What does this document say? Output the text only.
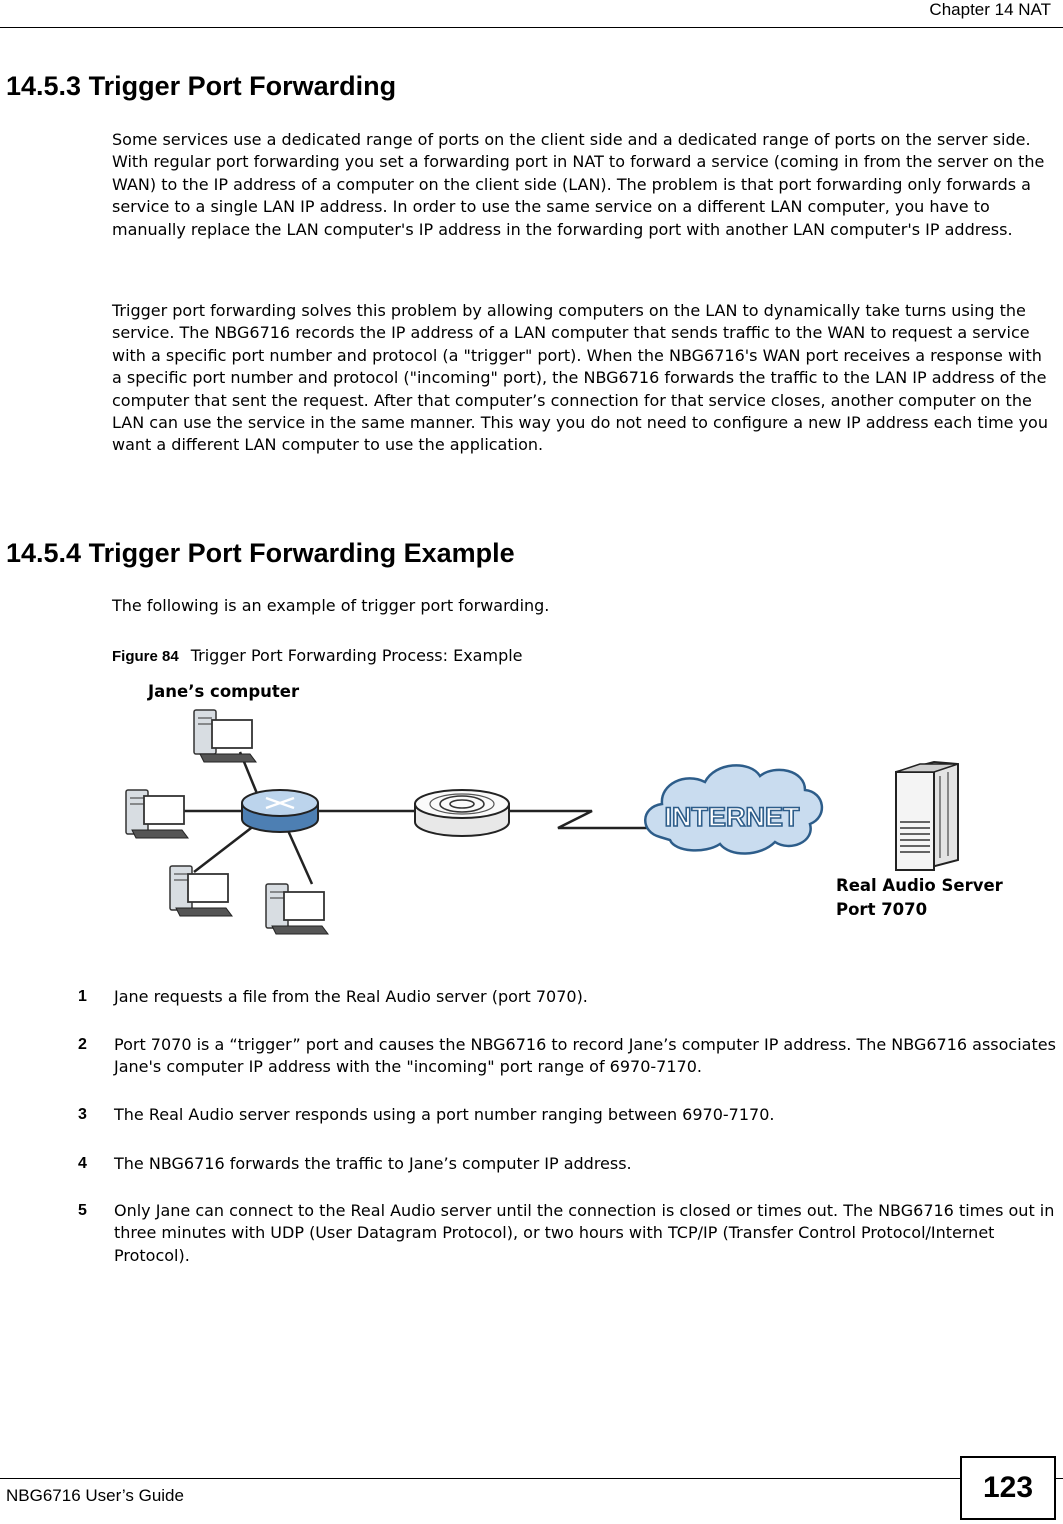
Chapter 14 NAT
14.5.3 Trigger Port Forwarding

Some services use a dedicated range of ports on the client side and a dedicated range of ports on the server side. With regular port forwarding you set a forwarding port in NAT to forward a service (coming in from the server on the WAN) to the IP address of a computer on the client side (LAN). The problem is that port forwarding only forwards a service to a single LAN IP address. In order to use the same service on a different LAN computer, you have to manually replace the LAN computer's IP address in the forwarding port with another LAN computer's IP address.

Trigger port forwarding solves this problem by allowing computers on the LAN to dynamically take turns using the service. The NBG6716 records the IP address of a LAN computer that sends traffic to the WAN to request a service with a specific port number and protocol (a "trigger" port). When the NBG6716's WAN port receives a response with a specific port number and protocol ("incoming" port), the NBG6716 forwards the traffic to the LAN IP address of the computer that sent the request. After that computer’s connection for that service closes, another computer on the LAN can use the service in the same manner. This way you do not need to configure a new IP address each time you want a different LAN computer to use the application.

14.5.4 Trigger Port Forwarding Example

The following is an example of trigger port forwarding.

Figure 84 Trigger Port Forwarding Process: Example
INTERNET
Jane’s computer
Real Audio Server
Port 7070
1 Jane requests a file from the Real Audio server (port 7070).

2 Port 7070 is a “trigger” port and causes the NBG6716 to record Jane’s computer IP address. The NBG6716 associates Jane's computer IP address with the "incoming" port range of 6970-7170.

3 The Real Audio server responds using a port number ranging between 6970-7170.

4 The NBG6716 forwards the traffic to Jane’s computer IP address.

5 Only Jane can connect to the Real Audio server until the connection is closed or times out. The NBG6716 times out in three minutes with UDP (User Datagram Protocol), or two hours with TCP/IP (Transfer Control Protocol/Internet Protocol).

NBG6716 User’s Guide	123
